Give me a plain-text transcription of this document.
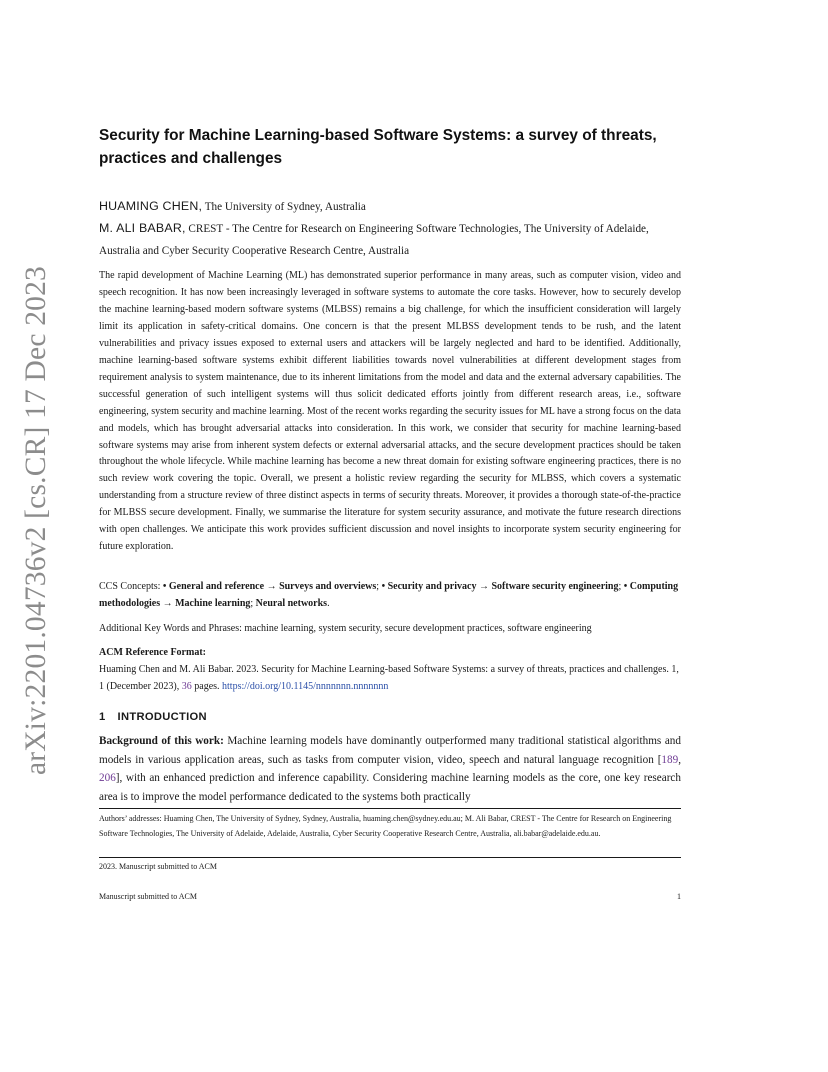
arXiv:2201.04736v2 [cs.CR] 17 Dec 2023
Security for Machine Learning-based Software Systems: a survey of threats, practices and challenges

HUAMING CHEN, The University of Sydney, Australia

M. ALI BABAR, CREST - The Centre for Research on Engineering Software Technologies, The University of Adelaide, Australia and Cyber Security Cooperative Research Centre, Australia

The rapid development of Machine Learning (ML) has demonstrated superior performance in many areas, such as computer vision, video and speech recognition. It has now been increasingly leveraged in software systems to automate the core tasks. However, how to securely develop the machine learning-based modern software systems (MLBSS) remains a big challenge, for which the insufficient consideration will largely limit its application in safety-critical domains. One concern is that the present MLBSS development tends to be rush, and the latent vulnerabilities and privacy issues exposed to external users and attackers will be largely neglected and hard to be identified. Additionally, machine learning-based software systems exhibit different liabilities towards novel vulnerabilities at different development stages from requirement analysis to system maintenance, due to its inherent limitations from the model and data and the external adversary capabilities. The successful generation of such intelligent systems will thus solicit dedicated efforts jointly from different research areas, i.e., software engineering, system security and machine learning. Most of the recent works regarding the security issues for ML have a strong focus on the data and models, which has brought adversarial attacks into consideration. In this work, we consider that security for machine learning-based software systems may arise from inherent system defects or external adversarial attacks, and the secure development practices should be taken throughout the whole lifecycle. While machine learning has become a new threat domain for existing software engineering practices, there is no such review work covering the topic. Overall, we present a holistic review regarding the security for MLBSS, which covers a systematic understanding from a structure review of three distinct aspects in terms of security threats. Moreover, it provides a thorough state-of-the-practice for MLBSS secure development. Finally, we summarise the literature for system security assurance, and motivate the future research directions with open challenges. We anticipate this work provides sufficient discussion and novel insights to incorporate system security engineering for future exploration.

CCS Concepts: • General and reference → Surveys and overviews; • Security and privacy → Software security engineering; • Computing methodologies → Machine learning; Neural networks.

Additional Key Words and Phrases: machine learning, system security, secure development practices, software engineering

ACM Reference Format:

Huaming Chen and M. Ali Babar. 2023. Security for Machine Learning-based Software Systems: a survey of threats, practices and challenges. 1, 1 (December 2023), 36 pages. https://doi.org/10.1145/nnnnnnn.nnnnnnn

1 INTRODUCTION

Background of this work: Machine learning models have dominantly outperformed many traditional statistical algorithms and models in various application areas, such as tasks from computer vision, video, speech and natural language recognition [189, 206], with an enhanced prediction and inference capability. Considering machine learning models as the core, one key research area is to improve the model performance dedicated to the systems both practically

Authors’ addresses: Huaming Chen, The University of Sydney, Sydney, Australia, huaming.chen@sydney.edu.au; M. Ali Babar, CREST - The Centre for Research on Engineering Software Technologies, The University of Adelaide, Adelaide, Australia, Cyber Security Cooperative Research Centre, Australia, ali.babar@adelaide.edu.au.

2023. Manuscript submitted to ACM

Manuscript submitted to ACM	1
